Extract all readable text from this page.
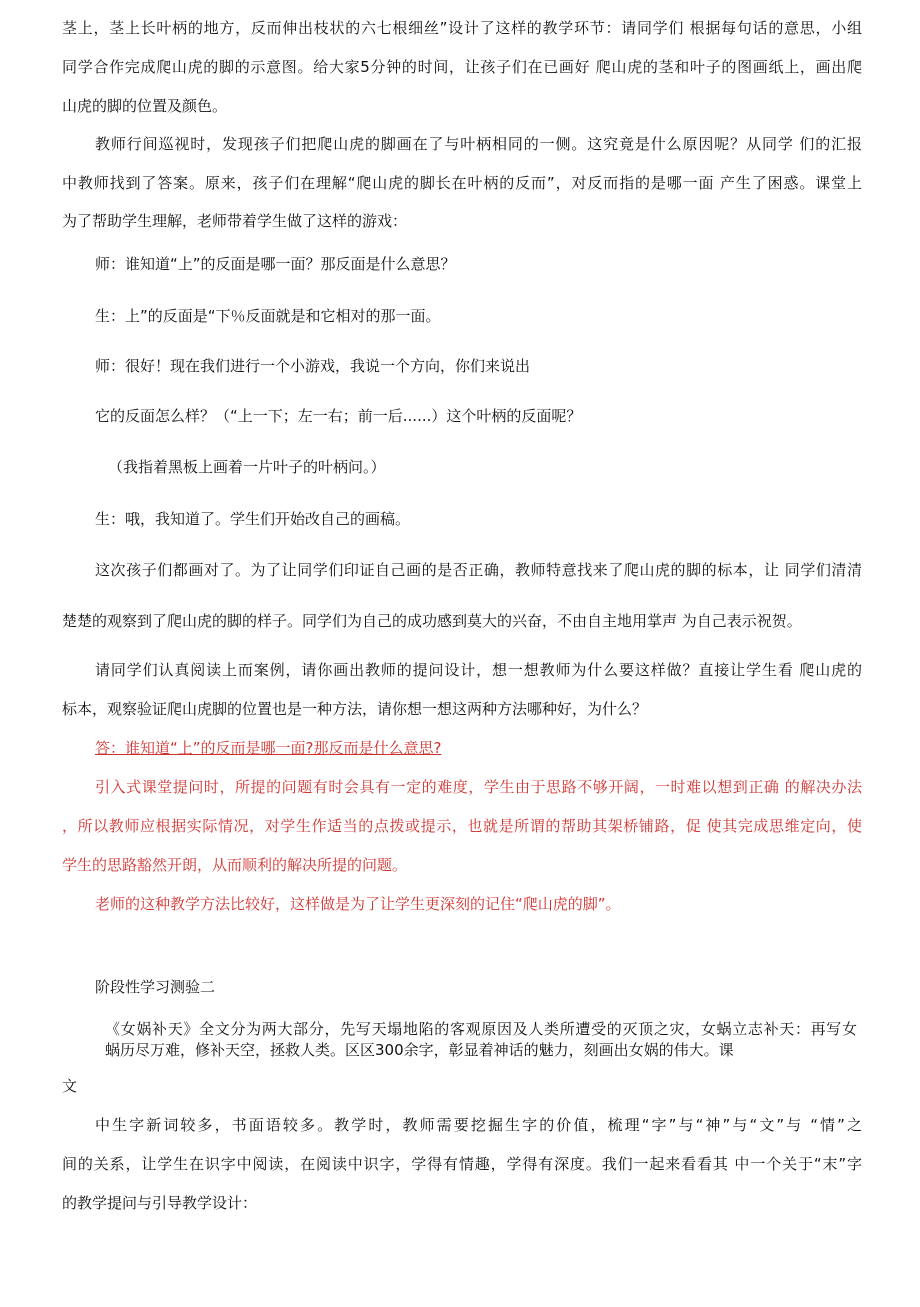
茎上，茎上长叶柄的地方，反而伸出枝状的六七根细丝”设计了这样的教学环节：请同学们 根据每句话的意思，小组
同学合作完成爬山虎的脚的示意图。给大家5分钟的时间，让孩子们在已画好 爬山虎的茎和叶子的图画纸上，画出爬
山虎的脚的位置及颜色。
教师行间巡视时，发现孩子们把爬山虎的脚画在了与叶柄相同的一侧。这究竟是什么原因呢？从同学 们的汇报
中教师找到了答案。原来，孩子们在理解“爬山虎的脚长在叶柄的反而”，对反而指的是哪一面 产生了困惑。课堂上
为了帮助学生理解，老师带着学生做了这样的游戏：
师：谁知道“上”的反面是哪一面？那反面是什么意思？
生：上”的反面是“下％反面就是和它相对的那一面。
师：很好！现在我们进行一个小游戏，我说一个方向，你们来说出
它的反面怎么样？（“上一下；左一右；前一后......）这个叶柄的反面呢？
（我指着黑板上画着一片叶子的叶柄问。）
生：哦，我知道了。学生们开始改自己的画稿。
这次孩子们都画对了。为了让同学们印证自己画的是否正确，教师特意找来了爬山虎的脚的标本，让 同学们清清
楚楚的观察到了爬山虎的脚的样子。同学们为自己的成功感到莫大的兴奋，不由自主地用掌声 为自己表示祝贺。
请同学们认真阅读上而案例，请你画出教师的提问设计，想一想教师为什么要这样做？直接让学生看 爬山虎的
标本，观察验证爬山虎脚的位置也是一种方法，请你想一想这两种方法哪种好，为什么？
答：谁知道“上”的反而是哪一面?那反而是什么意思?
引入式课堂提问时，所提的问题有时会具有一定的难度，学生由于思路不够开阔，一时难以想到正确 的解决办法
，所以教师应根据实际情况，对学生作适当的点拨或提示，也就是所谓的帮助其架桥铺路，促 使其完成思维定向，使
学生的思路豁然开朗，从而顺利的解决所提的问题。
老师的这种教学方法比较好，这样做是为了让学生更深刻的记住“爬山虎的脚”。
阶段性学习测验二
《女娲补天》全文分为两大部分，先写天塌地陷的客观原因及人类所遭受的灭顶之灾，女蜗立志补天：再写女
蜗历尽万难，修补天空，拯救人类。区区300余字，彰显着神话的魅力，刻画出女娲的伟大。课
文
中生字新词较多，书面语较多。教学时，教师需要挖掘生字的价值，梳理“字”与“神”与“文”与 “情”之
间的关系，让学生在识字中阅读，在阅读中识字，学得有情趣，学得有深度。我们一起来看看其 中一个关于“末”字
的教学提问与引导教学设计：
